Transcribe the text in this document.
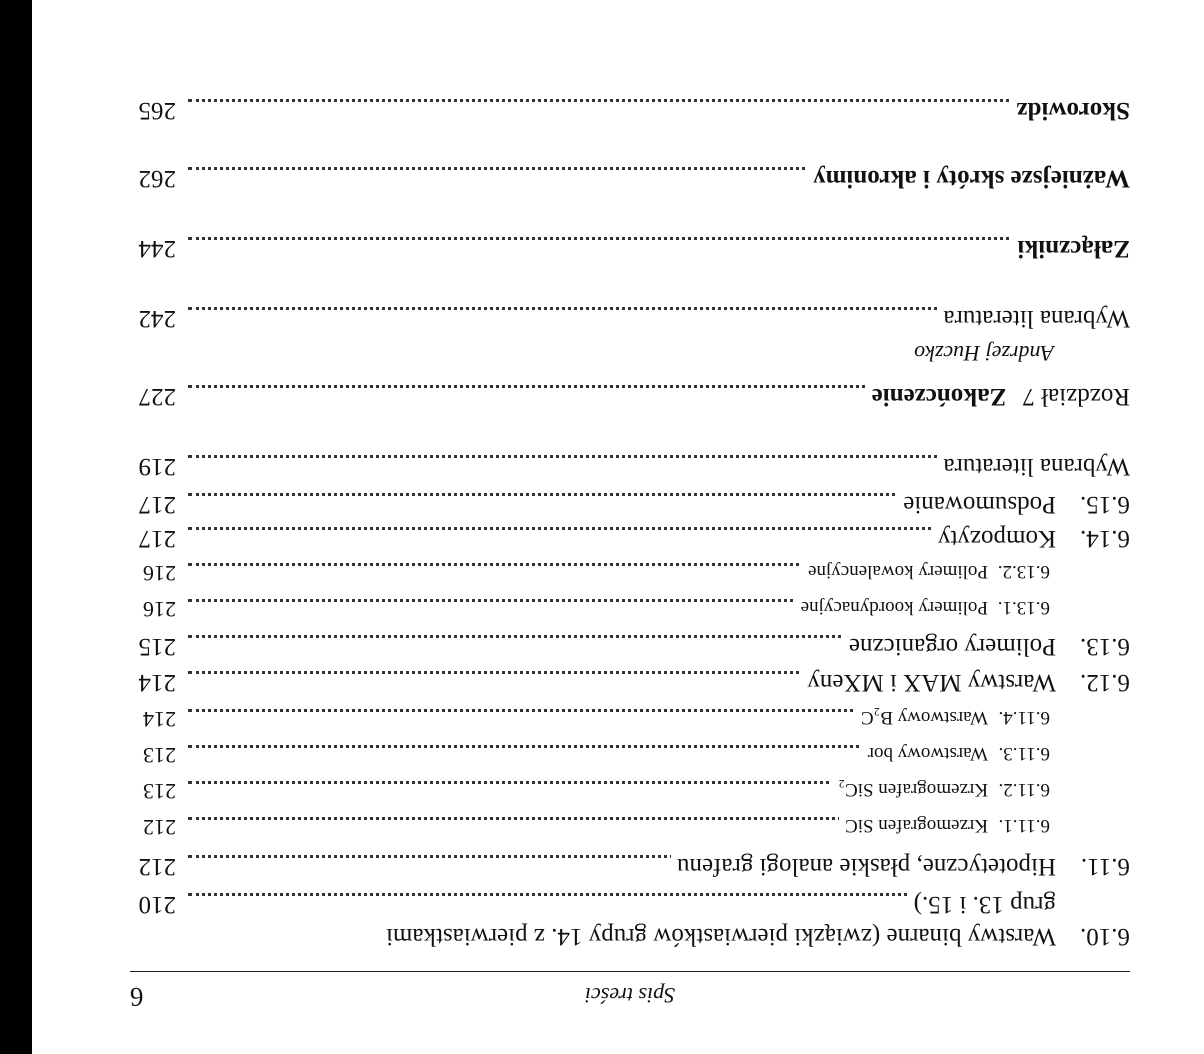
Spis treści
6
6.10.Warstwy binarne (związki pierwiastków grupy 14. z pierwiastkami
grup 13. i 15.)
210
6.11.Hipotetyczne, płaskie analogi grafenu
212
6.11.1.Krzemografen SiC
212
6.11.2.Krzemografen SiC₂
213
6.11.3.Warstwowy bor
213
6.11.4.Warstwowy B₂C
214
6.12.Warstwy MAX i MXeny
214
6.13.Polimery organiczne
215
6.13.1.Polimery koordynacyjne
216
6.13.2.Polimery kowalencyjne
216
6.14.Kompozyty
217
6.15.Podsumowanie
217
Wybrana literatura
219
Rozdział 7Zakończenie
227
Andrzej Huczko
Wybrana literatura
242
Załączniki
244
Ważniejsze skróty i akronimy
262
Skorowidz
265
